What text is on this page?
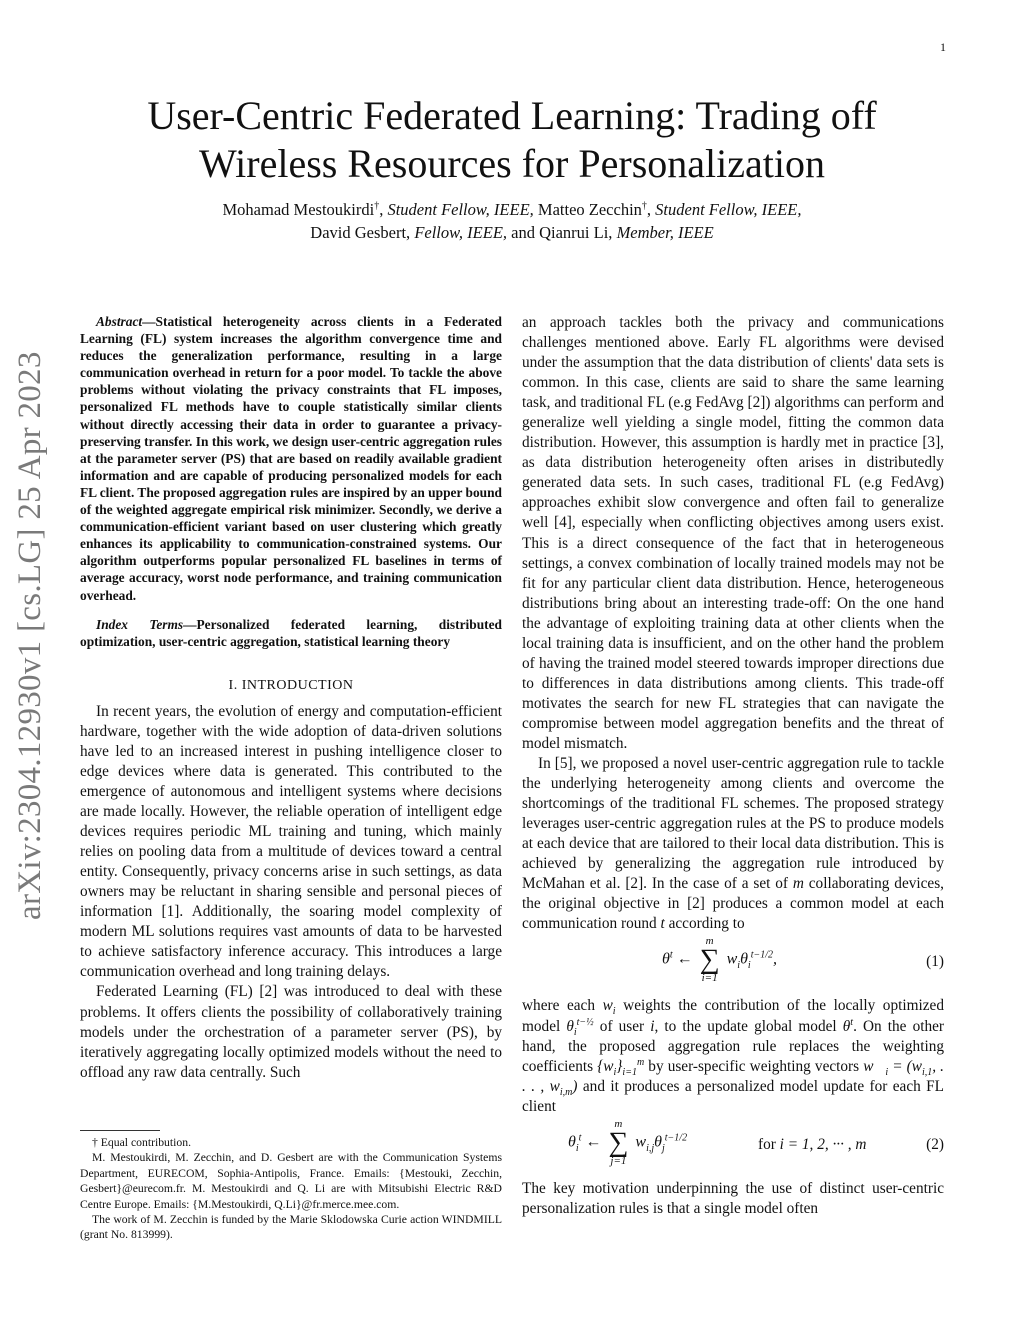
1
arXiv:2304.12930v1 [cs.LG] 25 Apr 2023
User-Centric Federated Learning: Trading off
Wireless Resources for Personalization
Mohamad Mestoukirdi†, Student Fellow, IEEE, Matteo Zecchin†, Student Fellow, IEEE,
David Gesbert, Fellow, IEEE, and Qianrui Li, Member, IEEE

Abstract—Statistical heterogeneity across clients in a Federated Learning (FL) system increases the algorithm convergence time and reduces the generalization performance, resulting in a large communication overhead in return for a poor model. To tackle the above problems without violating the privacy constraints that FL imposes, personalized FL methods have to couple statistically similar clients without directly accessing their data in order to guarantee a privacy-preserving transfer. In this work, we design user-centric aggregation rules at the parameter server (PS) that are based on readily available gradient information and are capable of producing personalized models for each FL client. The proposed aggregation rules are inspired by an upper bound of the weighted aggregate empirical risk minimizer. Secondly, we derive a communication-efficient variant based on user clustering which greatly enhances its applicability to communication-constrained systems. Our algorithm outperforms popular personalized FL baselines in terms of average accuracy, worst node performance, and training communication overhead.

Index Terms—Personalized federated learning, distributed optimization, user-centric aggregation, statistical learning theory

I. INTRODUCTION

In recent years, the evolution of energy and computation-efficient hardware, together with the wide adoption of data-driven solutions have led to an increased interest in pushing intelligence closer to edge devices where data is generated. This contributed to the emergence of autonomous and intelligent systems where decisions are made locally. However, the reliable operation of intelligent edge devices requires periodic ML training and tuning, which mainly relies on pooling data from a multitude of devices toward a central entity. Consequently, privacy concerns arise in such settings, as data owners may be reluctant in sharing sensible and personal pieces of information [1]. Additionally, the soaring model complexity of modern ML solutions requires vast amounts of data to be harvested to achieve satisfactory inference accuracy. This introduces a large communication overhead and long training delays.

Federated Learning (FL) [2] was introduced to deal with these problems. It offers clients the possibility of collaboratively training models under the orchestration of a parameter server (PS), by iteratively aggregating locally optimized models without the need to offload any raw data centrally. Such

† Equal contribution.

M. Mestoukirdi, M. Zecchin, and D. Gesbert are with the Communication Systems Department, EURECOM, Sophia-Antipolis, France. Emails: {Mestouki, Zecchin, Gesbert}@eurecom.fr. M. Mestoukirdi and Q. Li are with Mitsubishi Electric R&D Centre Europe. Emails: {M.Mestoukirdi, Q.Li}@fr.merce.mee.com.

The work of M. Zecchin is funded by the Marie Sklodowska Curie action WINDMILL (grant No. 813999).

an approach tackles both the privacy and communications challenges mentioned above. Early FL algorithms were devised under the assumption that the data distribution of clients' data sets is common. In this case, clients are said to share the same learning task, and traditional FL (e.g FedAvg [2]) algorithms can perform and generalize well yielding a single model, fitting the common data distribution. However, this assumption is hardly met in practice [3], as data distribution heterogeneity often arises in distributedly generated data sets. In such cases, traditional FL (e.g FedAvg) approaches exhibit slow convergence and often fail to generalize well [4], especially when conflicting objectives among users exist. This is a direct consequence of the fact that in heterogeneous settings, a convex combination of locally trained models may not be fit for any particular client data distribution. Hence, heterogeneous distributions bring about an interesting trade-off: On the one hand the advantage of exploiting training data at other clients when the local training data is insufficient, and on the other hand the problem of having the trained model steered towards improper directions due to differences in data distributions among clients. This trade-off motivates the search for new FL strategies that can navigate the compromise between model aggregation benefits and the threat of model mismatch.

In [5], we proposed a novel user-centric aggregation rule to tackle the underlying heterogeneity among clients and overcome the shortcomings of the traditional FL schemes. The proposed strategy leverages user-centric aggregation rules at the PS to produce models at each device that are tailored to their local data distribution. This is achieved by generalizing the aggregation rule introduced by McMahan et al. [2]. In the case of a set of m collaborating devices, the original objective in [2] produces a common model at each communication round t according to

$\theta^t$ ←
m
∑
i=1
$w_i\theta_i^{t-1/2}$,	(1)

where each $w_i$ weights the contribution of the locally optimized model $\theta_i^{t-\frac{1}{2}}$ of user i, to the update global model $\theta^t$. On the other hand, the proposed aggregation rule replaces the weighting coefficients $\{w_i\}_{i=1}^m$ by user-specific weighting vectors $w⃗_i = (w_{i,1}$, . . . , $w_{i,m}$) and it produces a personalized model update for each FL client

$\theta_i^t$ ←
m
∑
j=1
$w_{i,j}\theta_j^{t-1/2}$	for i = 1, 2, ··· , m	(2)

The key motivation underpinning the use of distinct user-centric personalization rules is that a single model often
